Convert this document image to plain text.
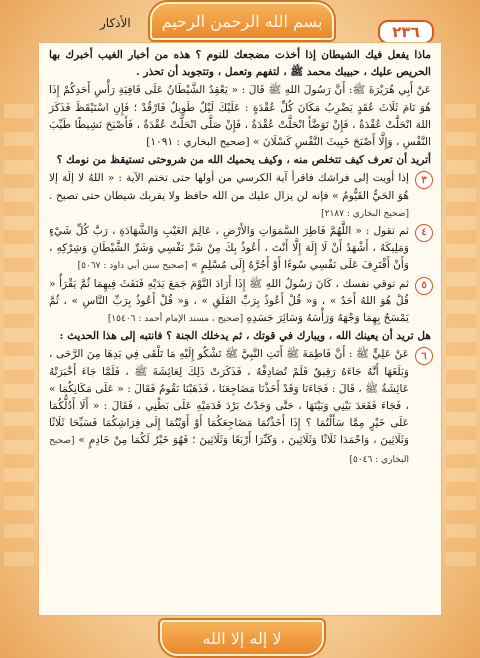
بسم الله الرحمن الرحيم
الأذكار	٢٣٦

ماذا يفعل فيك الشيطان إذا أخذت مضجعك للنوم ؟ هذه من أخبار الغيب أخبرك بها الحريص عليك ، حبيبك محمد ﷺ ، لتفهم وتعمل ، وتتجوبد أن تحذر .

عَنْ أَبِي هُرَيْرَةَ ﷺ: أَنَّ رَسُولَ اللهِ ﷺ قَالَ : « يَعْقِدُ الشَّيْطَانُ عَلَى قَافِيَةِ رَأْسِ أَحَدِكُمْ إِذَا هُوَ نَامَ ثَلَاثَ عُقَدٍ يَضْرِبُ مَكَانَ كُلِّ عُقْدَةٍ : عَلَيْكَ لَيْلٌ طَوِيلٌ فَارْقُدْ ؛ فَإِنِ اسْتَيْقَظَ فَذَكَرَ اللهَ انْحَلَّتْ عُقْدَةٌ ، فَإِنْ تَوَضَّأَ انْحَلَّتْ عُقْدَةٌ ، فَإِنْ صَلَّى انْحَلَّتْ عُقْدَةٌ ، فَأَصْبَحَ نَشِيطًا طَيِّبَ النَّفْسِ ، وَإِلَّا أَصْبَحَ خَبِيثَ النَّفْسِ كَسْلَانَ » [صحيح البخاري : ١٠٩١]

أتريد أن تعرف كيف تتخلص منه ، وكيف يحميك الله من شروحتى تستيقظ من نومك ؟

٣
إذا أويت إلى فراشك فاقرأ آية الكرسي من أولها حتى تختم الآية : « اللهُ لا إلَهَ إلا هُوَ الحَيُّ القَيُّومُ » فإنه لن يزال عليك من الله حافظ ولا يقربك شيطان حتى تصبح . [صحيح البخاري : ٢١٨٧]
٤
ثم تقول : « اللَّهُمَّ فَاطِرَ السَّمَوَاتِ وَالأَرْضِ ، عَالِمَ الغَيْبِ وَالشَّهَادَةِ ، رَبَّ كُلِّ شَيْءٍ وَمَلِيكَهُ ، أَشْهَدُ أَنْ لَا إِلَهَ إِلَّا أَنْتَ ، أَعُوذُ بِكَ مِنْ شَرِّ نَفْسِي وَشَرِّ الشَّيْطَانِ وَشِرْكِهِ ، وَأَنْ أَقْتَرِفَ عَلَى نَفْسِي سُوءًا أَوْ أَجُرَّهُ إِلَى مُسْلِمٍ » [صحيح سنن أبي داود : ٥٠٦٧]
٥
ثم توقي نفسك ، كَانَ رَسُولُ اللهِ ﷺ إِذَا أَرَادَ النَّوْمَ جَمَعَ يَدَيْهِ فَنَفَثَ فِيهِمَا ثُمَّ يَقْرَأُ « قُلْ هُوَ اللهُ أَحَدٌ » ، وَ« قُلْ أَعُوذُ بِرَبِّ الفَلَقِ » ، وَ« قُلْ أَعُوذُ بِرَبِّ النَّاسِ » ، ثُمَّ يَمْسَحُ بِهِمَا وَجْهَهُ وَرَأْسَهُ وَسَائِرَ جَسَدِهِ [صحيح ، مسند الإمام أحمد : ١٥٤٠٦]

هل تريد أن يعينك الله ، ويبارك في قوتك ، ثم يدخلك الجنة ؟ فانتبه إلى هذا الحديث :

٦
عَنْ عَلِيٍّ ﷺ : أَنَّ فَاطِمَةَ ﷺ أَتَتِ النَّبِيَّ ﷺ تَشْكُو إِلَيْهِ مَا تَلْقَى فِي يَدِهَا مِنَ الرَّحَى ، وَبَلَغَهَا أَنَّهُ جَاءَهُ رَقِيقٌ فَلَمْ تُصَادِفْهُ ، فَذَكَرَتْ ذَلِكَ لِعَائِشَةَ ﷺ ، فَلَمَّا جَاءَ أَخْبَرَتْهُ عَائِشَةُ ﷺ ، قَالَ : فَجَاءَنَا وَقَدْ أَخَذْنَا مَضَاجِعَنَا ، فَذَهَبْنَا نَقُومُ فَقَالَ : « عَلَى مَكَانِكُمَا » ، فَجَاءَ فَقَعَدَ بَيْنِي وَبَيْنَهَا ، حَتَّى وَجَدْتُ بَرْدَ قَدَمَيْهِ عَلَى بَطْنِي ، فَقَالَ : « أَلَا أَدُلُّكُمَا عَلَى خَيْرٍ مِمَّا سَأَلْتُمَا ؟ إِذَا أَخَذْتُمَا مَضَاجِعَكُمَا أَوْ أَوَيْتُمَا إِلَى فِرَاشِكُمَا فَسَبِّحَا ثَلَاثًا وَثَلَاثِينَ ، وَاحْمَدَا ثَلَاثًا وَثَلَاثِينَ ، وَكَبِّرَا أَرْبَعًا وَثَلَاثِينَ ؛ فَهُوَ خَيْرٌ لَكُمَا مِنْ خَادِمٍ » [صحيح البخاري : ٥٠٤٦]
لا إله إلا الله
